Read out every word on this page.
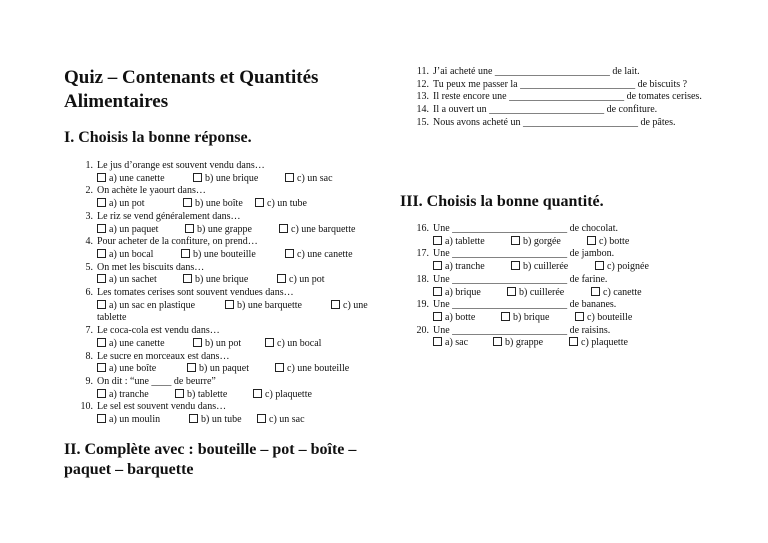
Quiz – Contenants et Quantités Alimentaires
I. Choisis la bonne réponse.
1. Le jus d’orange est souvent vendu dans…
a) une canette	b) une brique	c) un sac
2. On achète le yaourt dans…
a) un pot	b) une boîte c) un tube
3. Le riz se vend généralement dans…
a) un paquet	b) une grappe	c) une barquette
4. Pour acheter de la confiture, on prend…
a) un bocal	b) une bouteille	c) une canette
5. On met les biscuits dans…
a) un sachet	b) une brique	c) un pot
6. Les tomates cerises sont souvent vendues dans…
a) un sac en plastique	b) une barquette	c) une tablette
7. Le coca-cola est vendu dans…
a) une canette	b) un pot	c) un bocal
8. Le sucre en morceaux est dans…
a) une boîte	b) un paquet	c) une bouteille
9. On dit : “une ____ de beurre”
a) tranche	b) tablette	c) plaquette
10. Le sel est souvent vendu dans…
a) un moulin	b) un tube	c) un sac
II. Complète avec : bouteille – pot – boîte – paquet – barquette
11. J’ai acheté une _______________________ de lait.
12. Tu peux me passer la _______________________ de biscuits ?
13. Il reste encore une _______________________ de tomates cerises.
14. Il a ouvert un _______________________ de confiture.
15. Nous avons acheté un _______________________ de pâtes.
III. Choisis la bonne quantité.
16. Une _______________________ de chocolat.
a) tablette	b) gorgée	c) botte
17. Une _______________________ de jambon.
a) tranche	b) cuillerée	c) poignée
18. Une _______________________ de farine.
a) brique	b) cuillerée	c) canette
19. Une _______________________ de bananes.
a) botte	b) brique	c) bouteille
20. Une _______________________ de raisins.
a) sac	b) grappe	c) plaquette
